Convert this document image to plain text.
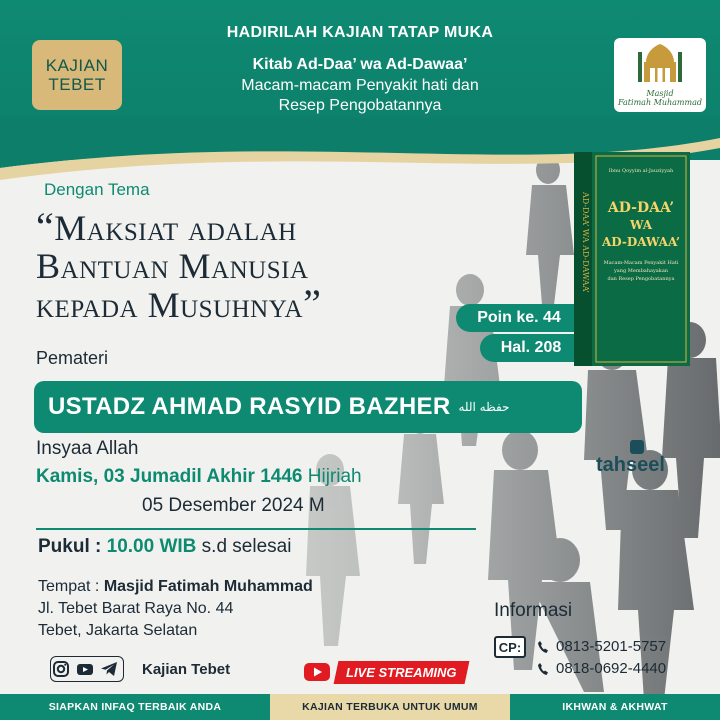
KAJIAN
TEBET	Masjid
Fatimah Muhammad
HADIRILAH KAJIAN TATAP MUKA
Kitab Ad-Daa’ wa Ad-Dawaa’
Macam-macam Penyakit hati dan
Resep Pengobatannya
Dengan Tema
“Maksiat adalah
Bantuan Manusia
kepada Musuhnya”	Poin ke. 44
Hal. 208
AD-DAA’ WA AD-DAWAA’
Ibnu Qoyyim al-Jauziyyah
AD-DAA’
WA
AD-DAWAA’
Macam-Macam Penyakit Hati
yang Membahayakan
dan Resep Pengobatannya
Pemateri
USTADZ AHMAD RASYID BAZHER حفظه الله
Insyaa Allah
Kamis, 03 Jumadil Akhir 1446 Hijriah
05 Desember 2024 M
tahseel
Pukul : 10.00 WIB s.d selesai
Tempat : Masjid Fatimah Muhammad
Jl. Tebet Barat Raya No. 44
Tebet, Jakarta Selatan
Informasi
CP :	0813-5201-5757
0818-0692-4440
Kajian Tebet	LIVE STREAMING
SIAPKAN INFAQ TERBAIK ANDA	KAJIAN TERBUKA UNTUK UMUM	IKHWAN & AKHWAT
